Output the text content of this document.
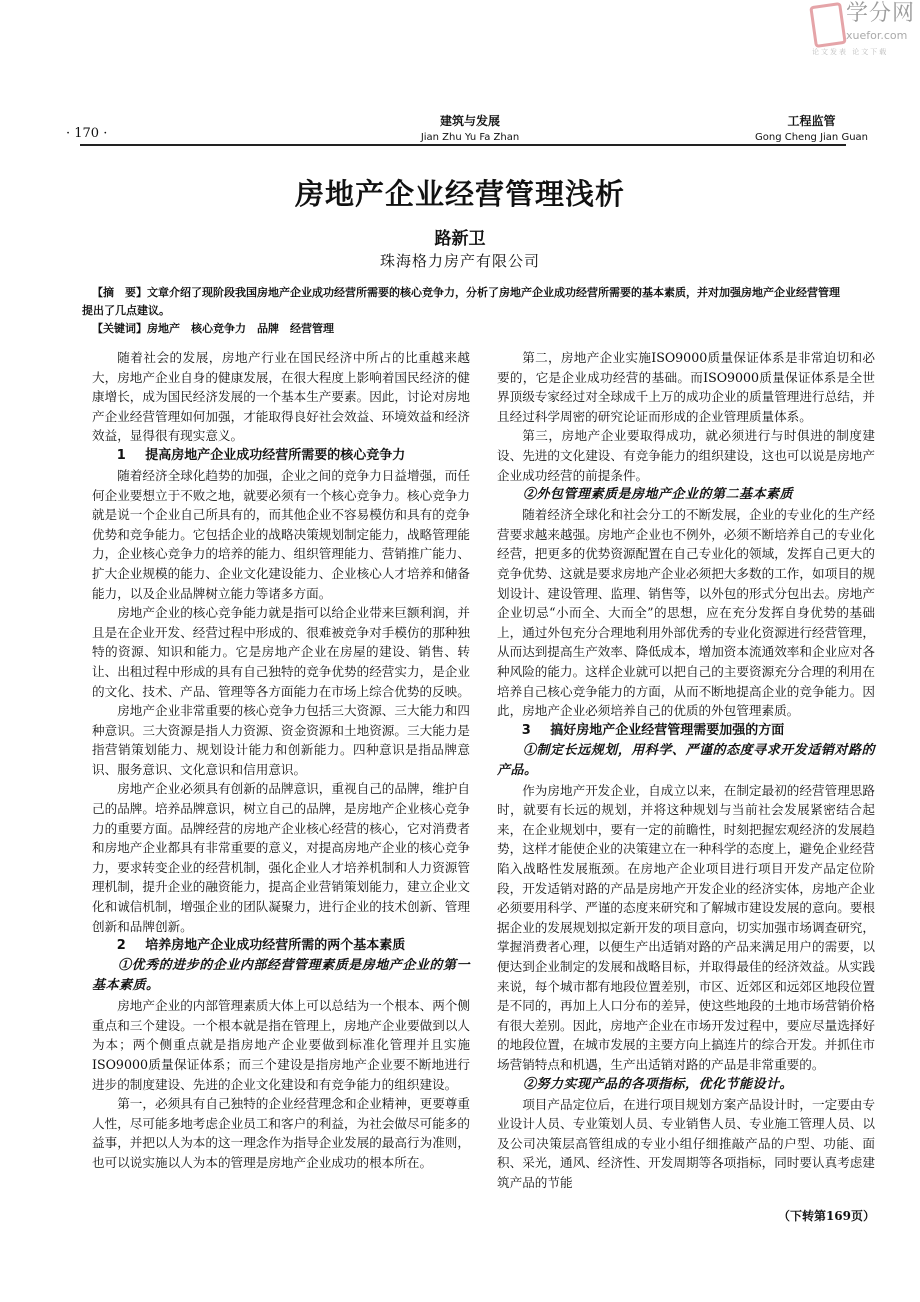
学分网
xuefor.com
论文发表 论文下载
· 170 ·
建筑与发展
Jian Zhu Yu Fa Zhan
工程监管
Gong Cheng Jian Guan
房地产企业经营管理浅析
路新卫
珠海格力房产有限公司
【摘　要】文章介绍了现阶段我国房地产企业成功经营所需要的核心竞争力，分析了房地产企业成功经营所需要的基本素质，并对加强房地产企业经营管理提出了几点建议。
【关键词】房地产　核心竞争力　品牌　经营管理

随着社会的发展，房地产行业在国民经济中所占的比重越来越大，房地产企业自身的健康发展，在很大程度上影响着国民经济的健康增长，成为国民经济发展的一个基本生产要素。因此，讨论对房地产企业经营管理如何加强，才能取得良好社会效益、环境效益和经济效益，显得很有现实意义。

1 提高房地产企业成功经营所需要的核心竞争力

随着经济全球化趋势的加强，企业之间的竞争力日益增强，而任何企业要想立于不败之地，就要必须有一个核心竞争力。核心竞争力就是说一个企业自己所具有的，而其他企业不容易模仿和具有的竞争优势和竞争能力。它包括企业的战略决策规划制定能力，战略管理能力，企业核心竞争力的培养的能力、组织管理能力、营销推广能力、扩大企业规模的能力、企业文化建设能力、企业核心人才培养和储备能力，以及企业品牌树立能力等诸多方面。

房地产企业的核心竞争能力就是指可以给企业带来巨额利润，并且是在企业开发、经营过程中形成的、很难被竞争对手模仿的那种独特的资源、知识和能力。它是房地产企业在房屋的建设、销售、转让、出租过程中形成的具有自己独特的竞争优势的经营实力，是企业的文化、技术、产品、管理等各方面能力在市场上综合优势的反映。

房地产企业非常重要的核心竞争力包括三大资源、三大能力和四种意识。三大资源是指人力资源、资金资源和土地资源。三大能力是指营销策划能力、规划设计能力和创新能力。四种意识是指品牌意识、服务意识、文化意识和信用意识。

房地产企业必须具有创新的品牌意识，重视自己的品牌，维护自己的品牌。培养品牌意识，树立自己的品牌，是房地产企业核心竞争力的重要方面。品牌经营的房地产企业核心经营的核心，它对消费者和房地产企业都具有非常重要的意义，对提高房地产企业的核心竞争力，要求转变企业的经营机制，强化企业人才培养机制和人力资源管理机制，提升企业的融资能力，提高企业营销策划能力，建立企业文化和诚信机制，增强企业的团队凝聚力，进行企业的技术创新、管理创新和品牌创新。

2 培养房地产企业成功经营所需的两个基本素质
①优秀的进步的企业内部经营管理素质是房地产企业的第一基本素质。

房地产企业的内部管理素质大体上可以总结为一个根本、两个侧重点和三个建设。一个根本就是指在管理上，房地产企业要做到以人为本；两个侧重点就是指房地产企业要做到标准化管理并且实施ISO9000质量保证体系；而三个建设是指房地产企业要不断地进行进步的制度建设、先进的企业文化建设和有竞争能力的组织建设。

第一，必须具有自己独特的企业经营理念和企业精神，更要尊重人性，尽可能多地考虑企业员工和客户的利益，为社会做尽可能多的益事，并把以人为本的这一理念作为指导企业发展的最高行为准则，也可以说实施以人为本的管理是房地产企业成功的根本所在。

第二，房地产企业实施ISO9000质量保证体系是非常迫切和必要的，它是企业成功经营的基础。而ISO9000质量保证体系是全世界顶级专家经过对全球成千上万的成功企业的质量管理进行总结，并且经过科学周密的研究论证而形成的企业管理质量体系。

第三，房地产企业要取得成功，就必须进行与时俱进的制度建设、先进的文化建设、有竞争能力的组织建设，这也可以说是房地产企业成功经营的前提条件。

②外包管理素质是房地产企业的第二基本素质

随着经济全球化和社会分工的不断发展，企业的专业化的生产经营要求越来越强。房地产企业也不例外，必须不断培养自己的专业化经营，把更多的优势资源配置在自己专业化的领域，发挥自己更大的竞争优势、这就是要求房地产企业必须把大多数的工作，如项目的规划设计、建设管理、监理、销售等，以外包的形式分包出去。房地产企业切忌“小而全、大而全”的思想，应在充分发挥自身优势的基础上，通过外包充分合理地利用外部优秀的专业化资源进行经营管理，从而达到提高生产效率、降低成本，增加资本流通效率和企业应对各种风险的能力。这样企业就可以把自己的主要资源充分合理的利用在培养自己核心竞争能力的方面，从而不断地提高企业的竞争能力。因此，房地产企业必须培养自己的优质的外包管理素质。

3 搞好房地产企业经营管理需要加强的方面
①制定长远规划，用科学、严谨的态度寻求开发适销对路的产品。

作为房地产开发企业，自成立以来，在制定最初的经营管理思路时，就要有长远的规划，并将这种规划与当前社会发展紧密结合起来，在企业规划中，要有一定的前瞻性，时刻把握宏观经济的发展趋势，这样才能使企业的决策建立在一种科学的态度上，避免企业经营陷入战略性发展瓶颈。在房地产企业项目进行项目开发产品定位阶段，开发适销对路的产品是房地产开发企业的经济实体，房地产企业必须要用科学、严谨的态度来研究和了解城市建设发展的意向。要根据企业的发展规划拟定新开发的项目意向，切实加强市场调查研究，掌握消费者心理，以便生产出适销对路的产品来满足用户的需要，以便达到企业制定的发展和战略目标，并取得最佳的经济效益。从实践来说，每个城市都有地段位置差别，市区、近郊区和远郊区地段位置是不同的，再加上人口分布的差异，使这些地段的土地市场营销价格有很大差别。因此，房地产企业在市场开发过程中，要应尽量选择好的地段位置，在城市发展的主要方向上搞连片的综合开发。并抓住市场营销特点和机遇，生产出适销对路的产品是非常重要的。

②努力实现产品的各项指标，优化节能设计。

项目产品定位后，在进行项目规划方案产品设计时，一定要由专业设计人员、专业策划人员、专业销售人员、专业施工管理人员、以及公司决策层高管组成的专业小组仔细推敲产品的户型、功能、面积、采光，通风、经济性、开发周期等各项指标，同时要认真考虑建筑产品的节能

（下转第169页）
